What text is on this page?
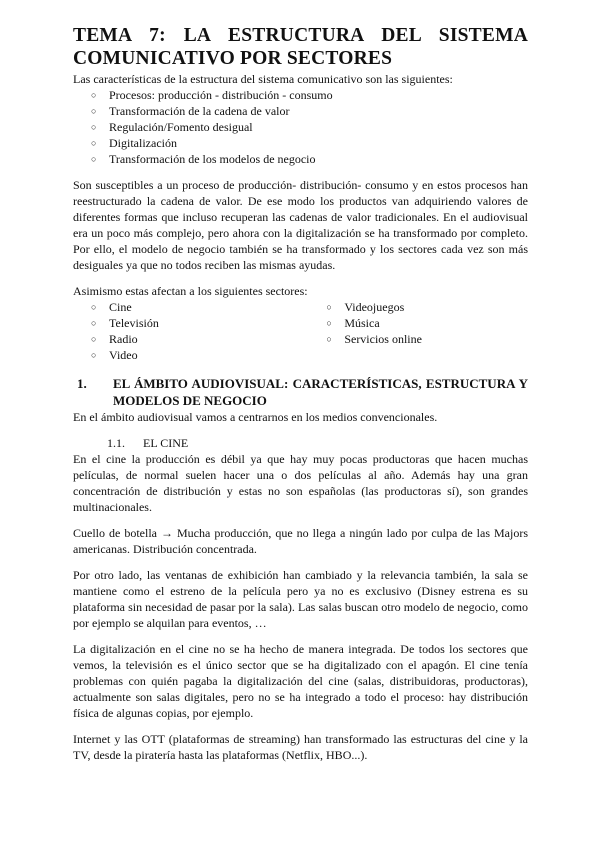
TEMA 7: LA ESTRUCTURA DEL SISTEMA COMUNICATIVO POR SECTORES

Las características de la estructura del sistema comunicativo son las siguientes:

○ Procesos: producción - distribución - consumo
○ Transformación de la cadena de valor
○ Regulación/Fomento desigual
○ Digitalización
○ Transformación de los modelos de negocio

Son susceptibles a un proceso de producción- distribución- consumo y en estos procesos han reestructurado la cadena de valor. De ese modo los productos van adquiriendo valores de diferentes formas que incluso recuperan las cadenas de valor tradicionales. En el audiovisual era un poco más complejo, pero ahora con la digitalización se ha transformado por completo. Por ello, el modelo de negocio también se ha transformado y los sectores cada vez son más desiguales ya que no todos reciben las mismas ayudas.

Asimismo estas afectan a los siguientes sectores:

○ Cine
○ Televisión
○ Radio
○ Video
○ Videojuegos
○ Música
○ Servicios online
1.	EL ÁMBITO AUDIOVISUAL: CARACTERÍSTICAS, ESTRUCTURA Y MODELOS DE NEGOCIO

En el ámbito audiovisual vamos a centrarnos en los medios convencionales.

1.1.	EL CINE

En el cine la producción es débil ya que hay muy pocas productoras que hacen muchas películas, de normal suelen hacer una o dos películas al año. Además hay una gran concentración de distribución y estas no son españolas (las productoras sí), son grandes multinacionales.

Cuello de botella → Mucha producción, que no llega a ningún lado por culpa de las Majors americanas. Distribución concentrada.

Por otro lado, las ventanas de exhibición han cambiado y la relevancia también, la sala se mantiene como el estreno de la película pero ya no es exclusivo (Disney estrena es su plataforma sin necesidad de pasar por la sala). Las salas buscan otro modelo de negocio, como por ejemplo se alquilan para eventos, …

La digitalización en el cine no se ha hecho de manera integrada. De todos los sectores que vemos, la televisión es el único sector que se ha digitalizado con el apagón. El cine tenía problemas con quién pagaba la digitalización del cine (salas, distribuidoras, productoras), actualmente son salas digitales, pero no se ha integrado a todo el proceso: hay distribución física de algunas copias, por ejemplo.

Internet y las OTT (plataformas de streaming) han transformado las estructuras del cine y la TV, desde la piratería hasta las plataformas (Netflix, HBO...).
